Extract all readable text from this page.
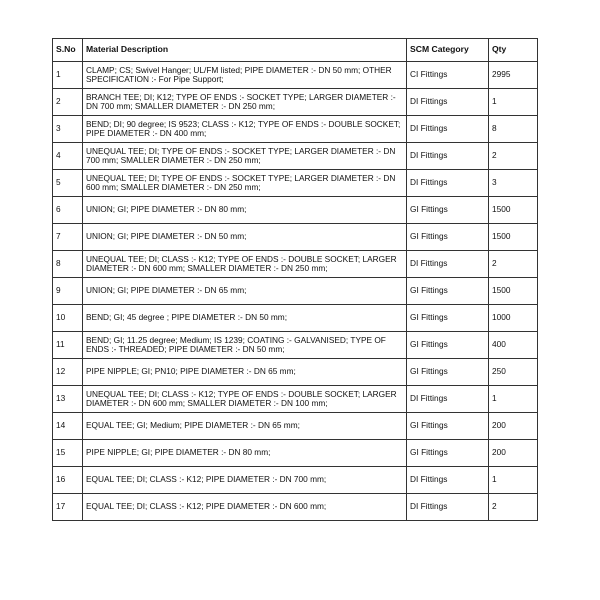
S.No	Material Description	SCM Category	Qty
1	CLAMP; CS; Swivel Hanger; UL/FM listed; PIPE DIAMETER :- DN 50 mm; OTHER SPECIFICATION :- For Pipe Support;	CI Fittings	2995
2	BRANCH TEE; DI; K12; TYPE OF ENDS :- SOCKET TYPE; LARGER DIAMETER :- DN 700 mm; SMALLER DIAMETER :- DN 250 mm;	DI Fittings	1
3	BEND; DI; 90 degree; IS 9523; CLASS :- K12; TYPE OF ENDS :- DOUBLE SOCKET; PIPE DIAMETER :- DN 400 mm;	DI Fittings	8
4	UNEQUAL TEE; DI; TYPE OF ENDS :- SOCKET TYPE; LARGER DIAMETER :- DN 700 mm; SMALLER DIAMETER :- DN 250 mm;	DI Fittings	2
5	UNEQUAL TEE; DI; TYPE OF ENDS :- SOCKET TYPE; LARGER DIAMETER :- DN 600 mm; SMALLER DIAMETER :- DN 250 mm;	DI Fittings	3
6	UNION; GI; PIPE DIAMETER :- DN 80 mm;	GI Fittings	1500
7	UNION; GI; PIPE DIAMETER :- DN 50 mm;	GI Fittings	1500
8	UNEQUAL TEE; DI; CLASS :- K12; TYPE OF ENDS :- DOUBLE SOCKET; LARGER DIAMETER :- DN 600 mm; SMALLER DIAMETER :- DN 250 mm;	DI Fittings	2
9	UNION; GI; PIPE DIAMETER :- DN 65 mm;	GI Fittings	1500
10	BEND; GI; 45 degree ; PIPE DIAMETER :- DN 50 mm;	GI Fittings	1000
11	BEND; GI; 11.25 degree; Medium; IS 1239; COATING :- GALVANISED; TYPE OF ENDS :- THREADED; PIPE DIAMETER :- DN 50 mm;	GI Fittings	400
12	PIPE NIPPLE; GI; PN10; PIPE DIAMETER :- DN 65 mm;	GI Fittings	250
13	UNEQUAL TEE; DI; CLASS :- K12; TYPE OF ENDS :- DOUBLE SOCKET; LARGER DIAMETER :- DN 600 mm; SMALLER DIAMETER :- DN 100 mm;	DI Fittings	1
14	EQUAL TEE; GI; Medium; PIPE DIAMETER :- DN 65 mm;	GI Fittings	200
15	PIPE NIPPLE; GI; PIPE DIAMETER :- DN 80 mm;	GI Fittings	200
16	EQUAL TEE; DI; CLASS :- K12; PIPE DIAMETER :- DN 700 mm;	DI Fittings	1
17	EQUAL TEE; DI; CLASS :- K12; PIPE DIAMETER :- DN 600 mm;	DI Fittings	2
